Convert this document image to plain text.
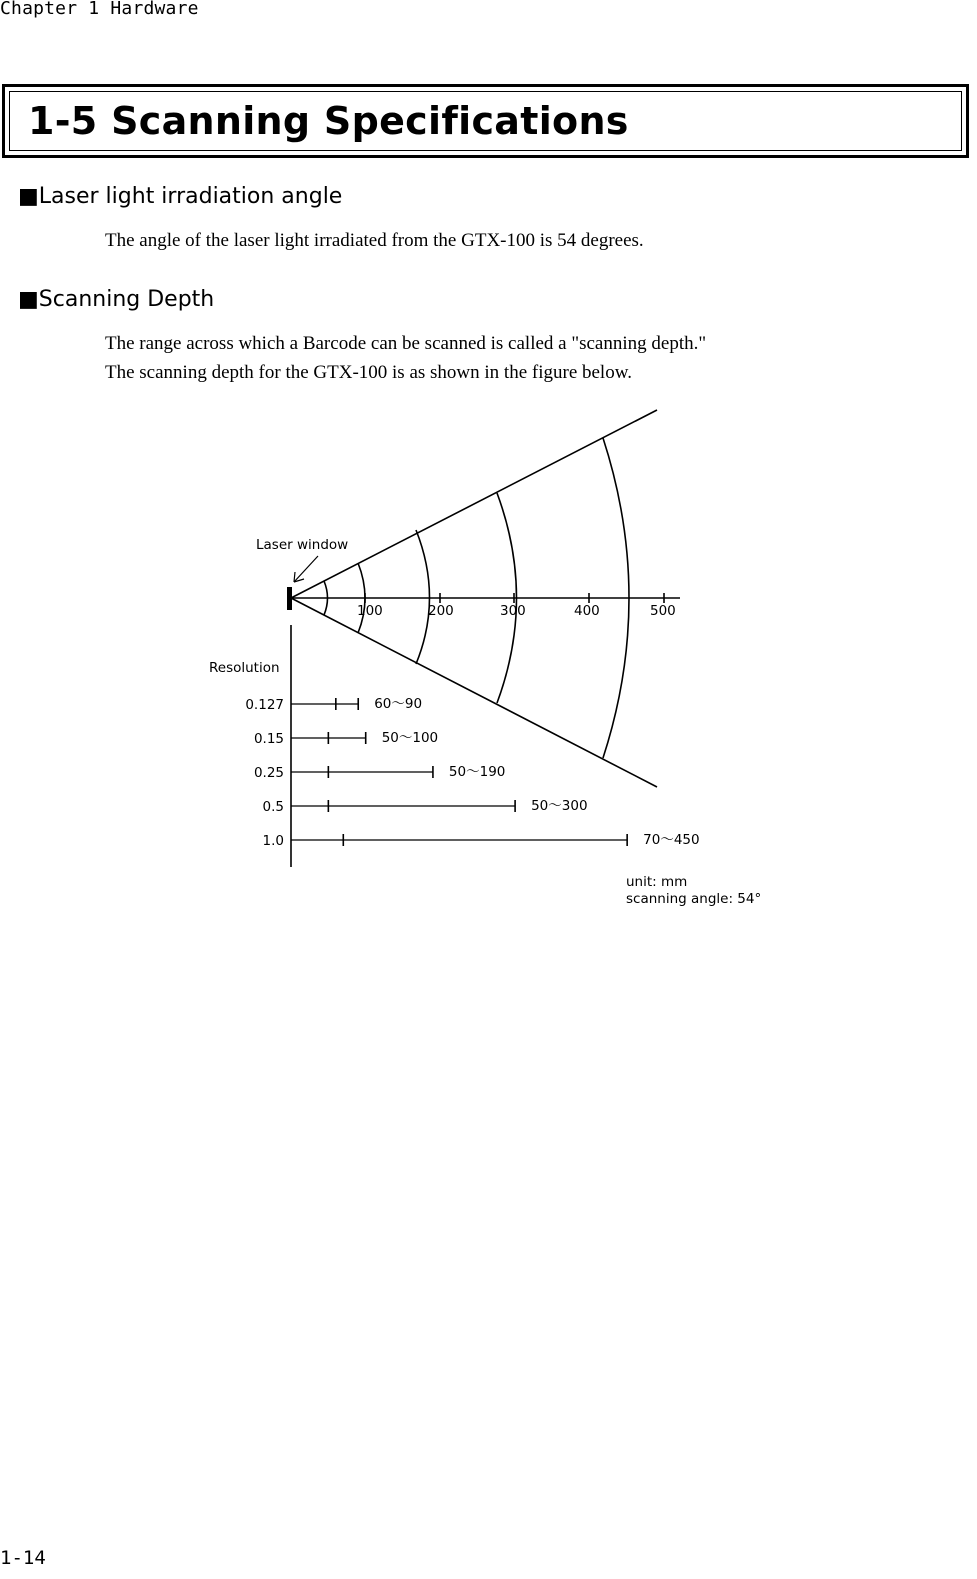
Chapter 1 Hardware
1-5 Scanning Specifications
■Laser light irradiation angle
The angle of the laser light irradiated from the GTX-100 is 54 degrees.
■Scanning Depth
The range across which a Barcode can be scanned is called a "scanning depth."
The scanning depth for the GTX-100 is as shown in the figure below.
Laser window
100	200	300	400	500
Resolution
0.127	60～90
0.15	50～100
0.25	50～190
0.5	50～300
1.0	70～450
unit: mm
scanning angle: 54°
1-14
